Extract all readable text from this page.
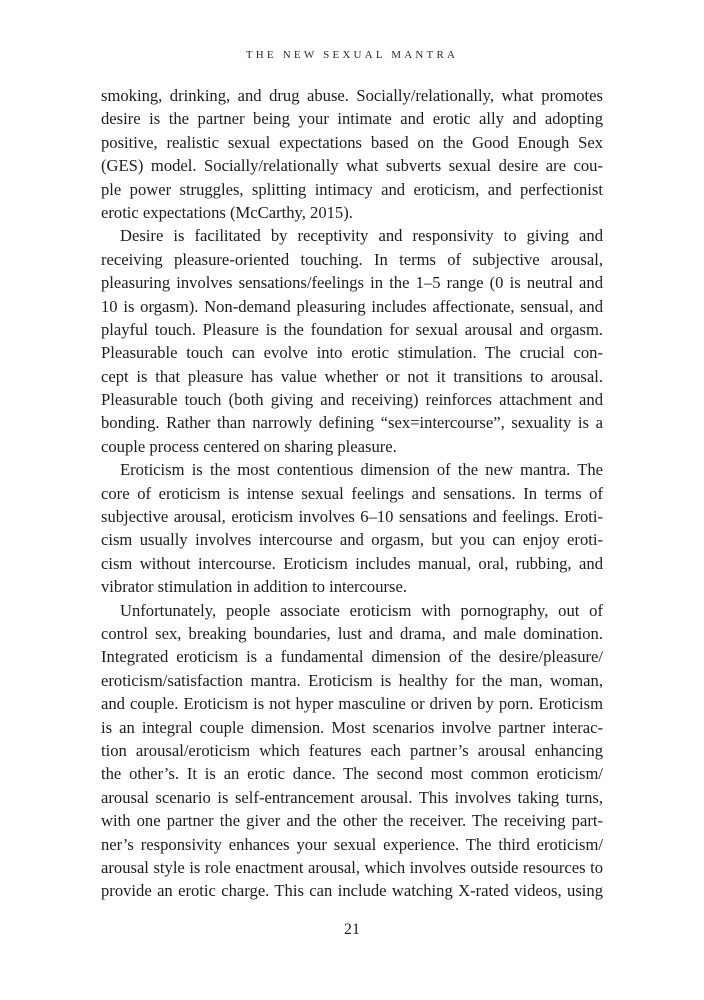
THE NEW SEXUAL MANTRA
smoking, drinking, and drug abuse. Socially/relationally, what promotes
desire is the partner being your intimate and erotic ally and adopting
positive, realistic sexual expectations based on the Good Enough Sex
(GES) model. Socially/relationally what subverts sexual desire are cou-
ple power struggles, splitting intimacy and eroticism, and perfectionist
erotic expectations (McCarthy, 2015).
Desire is facilitated by receptivity and responsivity to giving and
receiving pleasure-oriented touching. In terms of subjective arousal,
pleasuring involves sensations/feelings in the 1–5 range (0 is neutral and
10 is orgasm). Non-demand pleasuring includes affectionate, sensual, and
playful touch. Pleasure is the foundation for sexual arousal and orgasm.
Pleasurable touch can evolve into erotic stimulation. The crucial con-
cept is that pleasure has value whether or not it transitions to arousal.
Pleasurable touch (both giving and receiving) reinforces attachment and
bonding. Rather than narrowly defining “sex=intercourse”, sexuality is a
couple process centered on sharing pleasure.
Eroticism is the most contentious dimension of the new mantra. The
core of eroticism is intense sexual feelings and sensations. In terms of
subjective arousal, eroticism involves 6–10 sensations and feelings. Eroti-
cism usually involves intercourse and orgasm, but you can enjoy eroti-
cism without intercourse. Eroticism includes manual, oral, rubbing, and
vibrator stimulation in addition to intercourse.
Unfortunately, people associate eroticism with pornography, out of
control sex, breaking boundaries, lust and drama, and male domination.
Integrated eroticism is a fundamental dimension of the desire/pleasure/
eroticism/satisfaction mantra. Eroticism is healthy for the man, woman,
and couple. Eroticism is not hyper masculine or driven by porn. Eroticism
is an integral couple dimension. Most scenarios involve partner interac-
tion arousal/eroticism which features each partner’s arousal enhancing
the other’s. It is an erotic dance. The second most common eroticism/
arousal scenario is self-entrancement arousal. This involves taking turns,
with one partner the giver and the other the receiver. The receiving part-
ner’s responsivity enhances your sexual experience. The third eroticism/
arousal style is role enactment arousal, which involves outside resources to
provide an erotic charge. This can include watching X-rated videos, using
21
